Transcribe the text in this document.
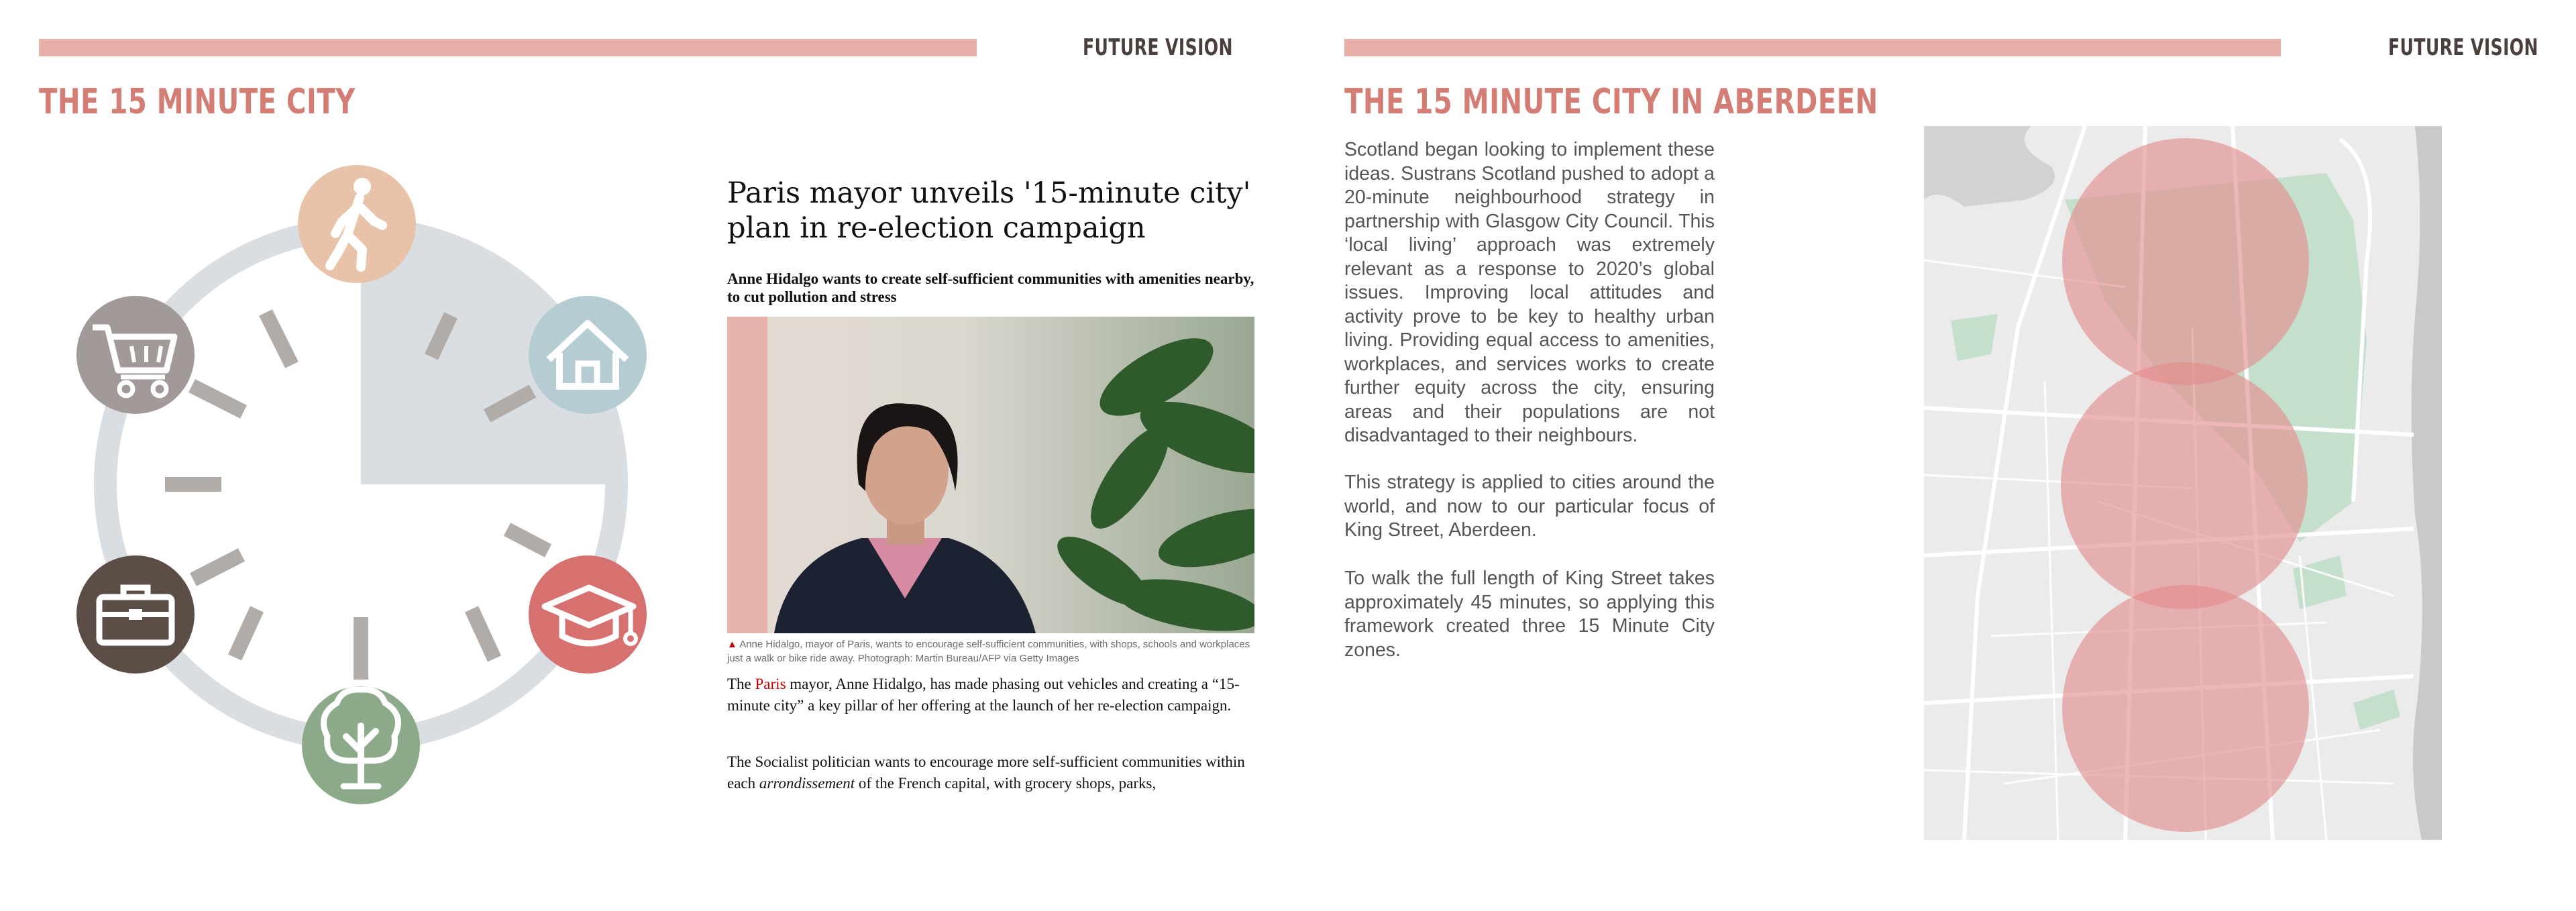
FUTURE VISION
THE 15 MINUTE CITY
Paris mayor unveils '15-minute city' plan in re-election campaign
Anne Hidalgo wants to create self-sufficient communities with amenities nearby, to cut pollution and stress
▲ Anne Hidalgo, mayor of Paris, wants to encourage self-sufficient communities, with shops, schools and workplaces just a walk or bike ride away. Photograph: Martin Bureau/AFP via Getty Images
The Paris mayor, Anne Hidalgo, has made phasing out vehicles and creating a “15-minute city” a key pillar of her offering at the launch of her re-election campaign.
The Socialist politician wants to encourage more self-sufficient communities within each arrondissement of the French capital, with grocery shops, parks,
FUTURE VISION
THE 15 MINUTE CITY IN ABERDEEN
Scotland began looking to implement these ideas. Sustrans Scotland pushed to adopt a 20-minute neighbourhood strategy in partnership with Glasgow City Council. This ‘local living’ approach was extremely relevant as a response to 2020’s global issues. Improving local attitudes and activity prove to be key to healthy urban living. Providing equal access to amenities, workplaces, and services works to create further equity across the city, ensuring areas and their populations are not disadvantaged to their neighbours.
This strategy is applied to cities around the world, and now to our particular focus of King Street, Aberdeen.
To walk the full length of King Street takes approximately 45 minutes, so applying this framework created three 15 Minute City zones.
